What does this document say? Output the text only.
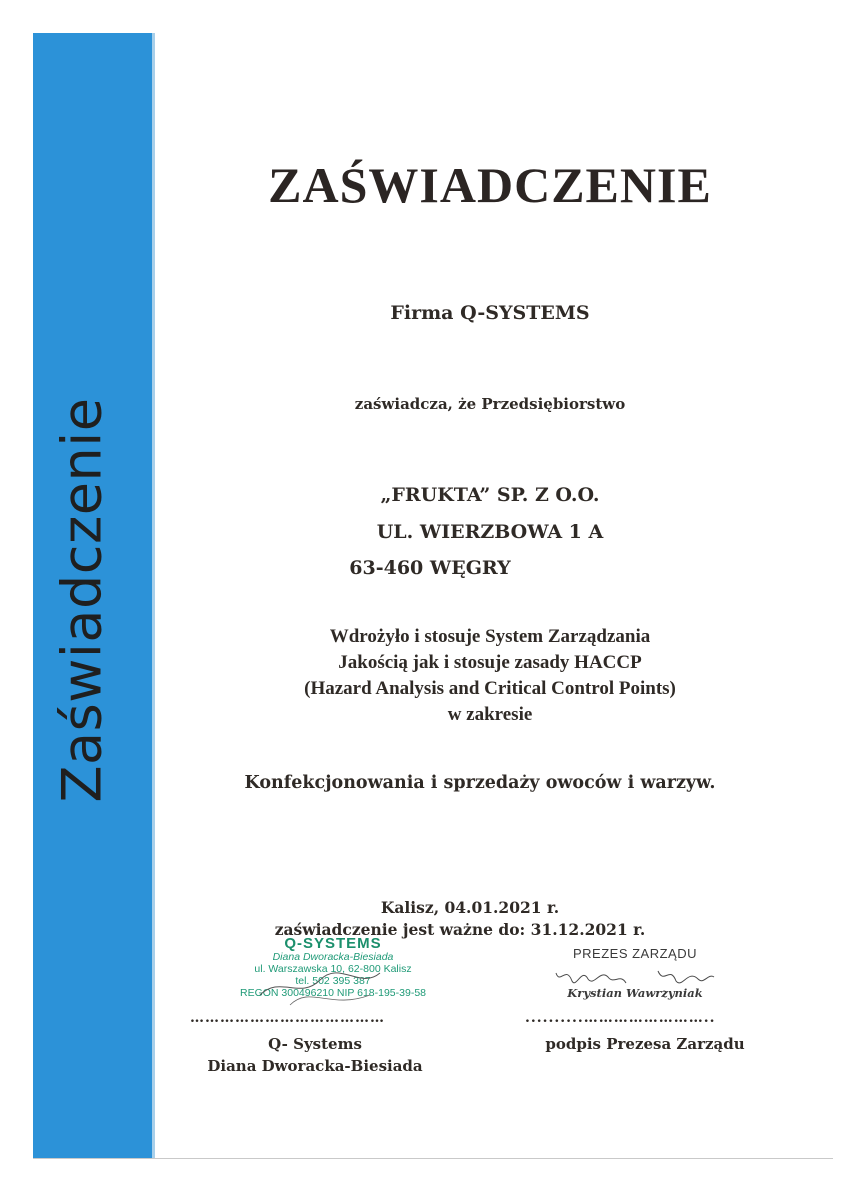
Zaświadczenie
ZAŚWIADCZENIE
Firma Q-SYSTEMS
zaświadcza, że Przedsiębiorstwo
„FRUKTA” SP. Z O.O.
UL. WIERZBOWA 1 A
63-460 WĘGRY
Wdrożyło i stosuje System Zarządzania
Jakością jak i stosuje zasady HACCP
(Hazard Analysis and Critical Control Points)
w zakresie
Konfekcjonowania i sprzedaży owoców i warzyw.
Kalisz, 04.01.2021 r.
zaświadczenie jest ważne do: 31.12.2021 r.
Q-SYSTEMS
Diana Dworacka-Biesiada
ul. Warszawska 10, 62-800 Kalisz
tel. 502 395 387
REGON 300496210 NIP 618-195-39-58
PREZES ZARZĄDU
Krystian Wawrzyniak
…………………………………	..........……………………..
Q- Systems
Diana Dworacka-Biesiada
podpis Prezesa Zarządu
